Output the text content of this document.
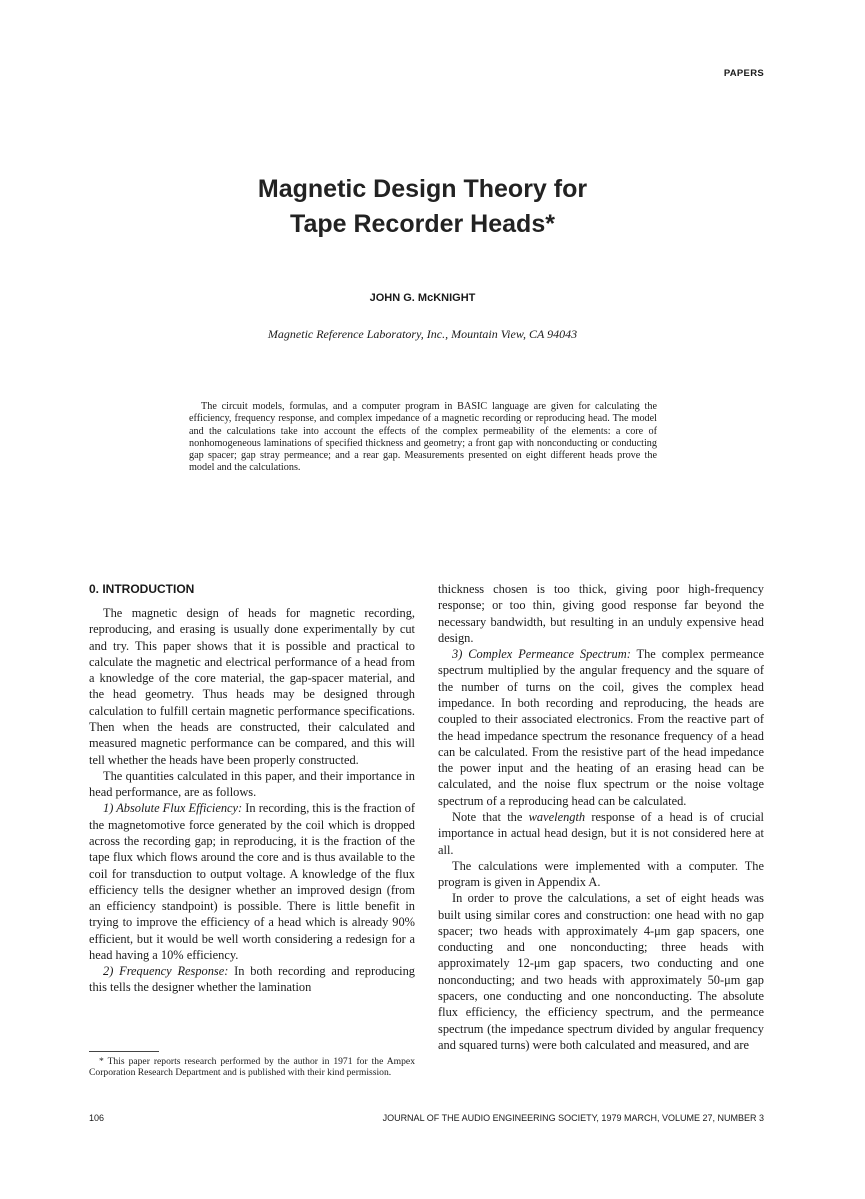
PAPERS
Magnetic Design Theory for
Tape Recorder Heads*
JOHN G. McKNIGHT
Magnetic Reference Laboratory, Inc., Mountain View, CA 94043
The circuit models, formulas, and a computer program in BASIC language are given for calculating the efficiency, frequency response, and complex impedance of a magnetic recording or reproducing head. The model and the calculations take into account the effects of the complex permeability of the elements: a core of nonhomogeneous laminations of specified thickness and geometry; a front gap with nonconducting or conducting gap spacer; gap stray permeance; and a rear gap. Measurements presented on eight different heads prove the model and the calculations.
0. INTRODUCTION

The magnetic design of heads for magnetic recording, reproducing, and erasing is usually done experimentally by cut and try. This paper shows that it is possible and practical to calculate the magnetic and electrical performance of a head from a knowledge of the core material, the gap-spacer material, and the head geometry. Thus heads may be designed through calculation to fulfill certain magnetic performance specifications. Then when the heads are constructed, their calculated and measured magnetic performance can be compared, and this will tell whether the heads have been properly constructed.

The quantities calculated in this paper, and their importance in head performance, are as follows.

1) Absolute Flux Efficiency: In recording, this is the fraction of the magnetomotive force generated by the coil which is dropped across the recording gap; in reproducing, it is the fraction of the tape flux which flows around the core and is thus available to the coil for transduction to output voltage. A knowledge of the flux efficiency tells the designer whether an improved design (from an efficiency standpoint) is possible. There is little benefit in trying to improve the efficiency of a head which is already 90% efficient, but it would be well worth considering a redesign for a head having a 10% efficiency.

2) Frequency Response: In both recording and reproducing this tells the designer whether the lamination

thickness chosen is too thick, giving poor high-frequency response; or too thin, giving good response far beyond the necessary bandwidth, but resulting in an unduly expensive head design.

3) Complex Permeance Spectrum: The complex permeance spectrum multiplied by the angular frequency and the square of the number of turns on the coil, gives the complex head impedance. In both recording and reproducing, the heads are coupled to their associated electronics. From the reactive part of the head impedance spectrum the resonance frequency of a head can be calculated. From the resistive part of the head impedance the power input and the heating of an erasing head can be calculated, and the noise flux spectrum or the noise voltage spectrum of a reproducing head can be calculated.

Note that the wavelength response of a head is of crucial importance in actual head design, but it is not considered here at all.

The calculations were implemented with a computer. The program is given in Appendix A.

In order to prove the calculations, a set of eight heads was built using similar cores and construction: one head with no gap spacer; two heads with approximately 4-μm gap spacers, one conducting and one nonconducting; three heads with approximately 12-μm gap spacers, two conducting and one nonconducting; and two heads with approximately 50-μm gap spacers, one conducting and one nonconducting. The absolute flux efficiency, the efficiency spectrum, and the permeance spectrum (the impedance spectrum divided by angular frequency and squared turns) were both calculated and measured, and are

* This paper reports research performed by the author in 1971 for the Ampex Corporation Research Department and is published with their kind permission.
106	JOURNAL OF THE AUDIO ENGINEERING SOCIETY, 1979 MARCH, VOLUME 27, NUMBER 3
